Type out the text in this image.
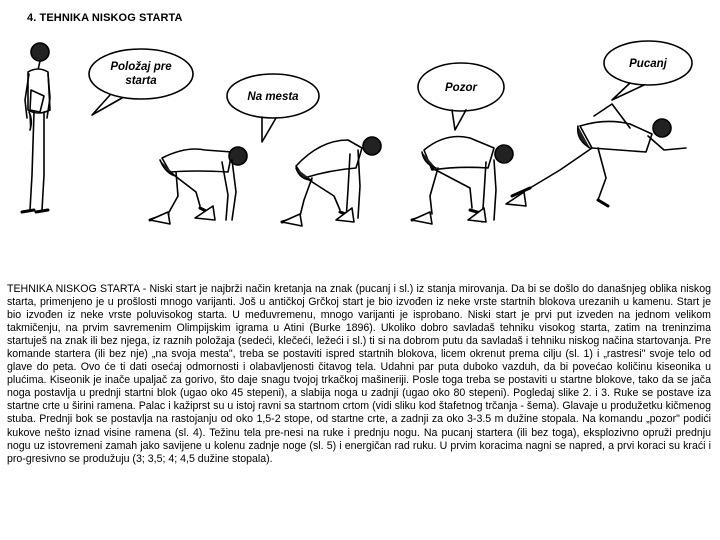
4. TEHNIKA NISKOG STARTA
Položaj pre
starta
Na mesta
Pozor
Pucanj

TEHNIKA NISKOG STARTA - Niski start je najbrži način kretanja na znak (pucanj i sl.) iz stanja mirovanja. Da bi se došlo do današnjeg oblika niskog starta, primenjeno je u prošlosti mnogo varijanti. Još u antičkoj Grčkoj start je bio izvođen iz neke vrste startnih blokova urezanih u kamenu. Start je bio izvođen iz neke vrste poluvisokog starta. U međuvremenu, mnogo varijanti je isprobano. Niski start je prvi put izveden na jednom velikom takmičenju, na prvim savremenim Olimpijskim igrama u Atini (Burke 1896). Ukoliko dobro savladaš tehniku visokog starta, zatim na treninzima startuješ na znak ili bez njega, iz raznih položaja (sedeći, klečeći, ležeći i sl.) ti si na dobrom putu da savladaš i tehniku niskog načina startovanja. Pre komande startera (ili bez nje) „na svoja mesta", treba se postaviti ispred startnih blokova, licem okrenut prema cilju (sl. 1) i „rastresi" svoje telo od glave do peta. Ovo će ti dati osećaj odmornosti i olabavljenosti čitavog tela. Udahni par puta duboko vazduh, da bi povećao količinu kiseonika u plućima. Kiseonik je inače upaljač za gorivo, što daje snagu tvojoj trkačkoj mašineriji. Posle toga treba se postaviti u startne blokove, tako da se jača noga postavlja u prednji startni blok (ugao oko 45 stepeni), a slabija noga u zadnji (ugao oko 80 stepeni). Pogledaj slike 2. i 3. Ruke se postave iza startne crte u širini ramena. Palac i kažiprst su u istoj ravni sa startnom crtom (vidi sliku kod štafetnog trčanja - šema). Glavaje u produžetku kičmenog stuba. Prednji bok se postavlja na rastojanju od oko 1,5-2 stope, od startne crte, a zadnji za oko 3-3.5 m dužine stopala. Na komandu „pozor" podići kukove nešto iznad visine ramena (sl. 4). Težinu tela pre-nesi na ruke i prednju nogu. Na pucanj startera (ili bez toga), eksplozivno opruži prednju nogu uz istovremeni zamah jako savijene u kolenu zadnje noge (sl. 5) i energičan rad ruku. U prvim koracima nagni se napred, a prvi koraci su kraći i pro-gresivno se produžuju (3; 3,5; 4; 4,5 dužine stopala).
